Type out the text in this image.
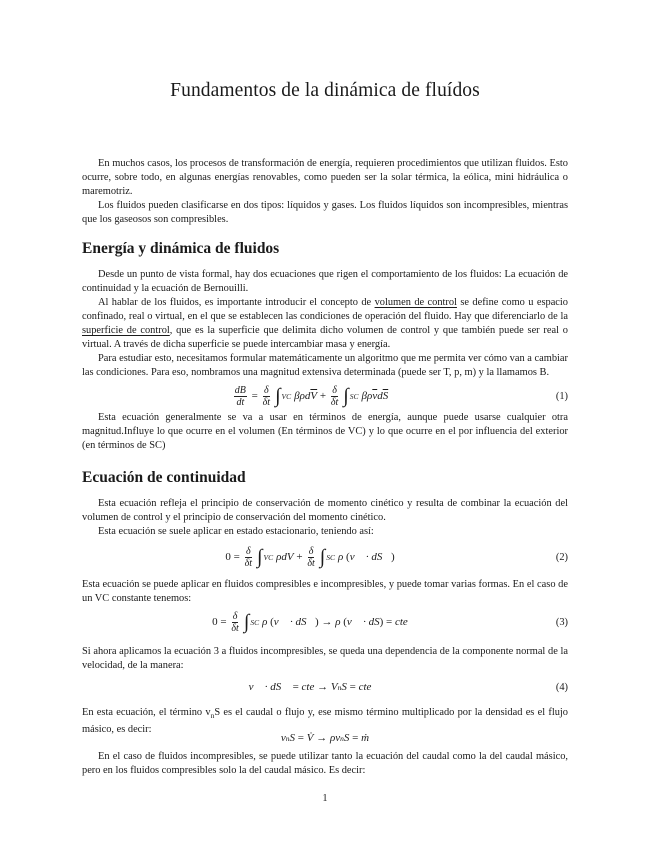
Fundamentos de la dinámica de fluídos

En muchos casos, los procesos de transformación de energía, requieren procedimientos que utilizan fluidos. Esto ocurre, sobre todo, en algunas energías renovables, como pueden ser la solar térmica, la eólica, mini hidráulica o maremotriz.

Los fluidos pueden clasificarse en dos tipos: líquidos y gases. Los fluidos líquidos son incompresibles, mientras que los gaseosos son compresibles.

Energía y dinámica de fluidos

Desde un punto de vista formal, hay dos ecuaciones que rigen el comportamiento de los fluidos: La ecuación de continuidad y la ecuación de Bernouilli.

Al hablar de los fluidos, es importante introducir el concepto de volumen de control se define como u espacio confinado, real o virtual, en el que se establecen las condiciones de operación del fluido. Hay que diferenciarlo de la superficie de control, que es la superficie que delimita dicho volumen de control y que también puede ser real o virtual. A través de dicha superficie se puede intercambiar masa y energía.

Para estudiar esto, necesitamos formular matemáticamente un algoritmo que me permita ver cómo van a cambiar las condiciones. Para eso, nombramos una magnitud extensiva determinada (puede ser T, p, m) y la llamamos B.

$\frac{dB}{dt} = \frac{\delta}{\delta t}$ ∫ VC βρd $\overline{V} + \frac{\delta}{\delta t}$ ∫ SC βρ $\overline{v}$ d $\overline{S}$	(1)

Esta ecuación generalmente se va a usar en términos de energía, aunque puede usarse cualquier otra magnitud.Influye lo que ocurre en el volumen (En términos de VC) y lo que ocurre en el por influencia del exterior (en términos de SC)

Ecuación de continuidad

Esta ecuación refleja el principio de conservación de momento cinético y resulta de combinar la ecuación del volumen de control y el principio de conservación del momento cinético.

Esta ecuación se suele aplicar en estado estacionario, teniendo así:

$0 = \frac{\delta}{\delta t}$ ∫ VC $\rho dV + \frac{\delta}{\delta t}$ ∫ SC ρ ( v⃗ · dS⃗ )	(2)

Esta ecuación se puede aplicar en fluidos compresibles e incompresibles, y puede tomar varias formas. En el caso de un VC constante tenemos:

$0 = \frac{\delta}{\delta t}$ ∫ SC ρ ( v⃗ · dS⃗ ) → ρ ( v⃗ · dS ) = cte	(3)

Si ahora aplicamos la ecuación 3 a fluidos incompresibles, se queda una dependencia de la componente normal de la velocidad, de la manera:

v⃗ · dS⃗ = cte → V n S = cte	(4)

En esta ecuación, el término $v_nS$ es el caudal o flujo y, ese mismo término multiplicado por la densidad es el flujo másico, es decir:

v n S = V̇ → ρv n S = ṁ

En el caso de fluidos incompresibles, se puede utilizar tanto la ecuación del caudal como la del caudal másico, pero en los fluidos compresibles solo la del caudal másico. Es decir:

1
